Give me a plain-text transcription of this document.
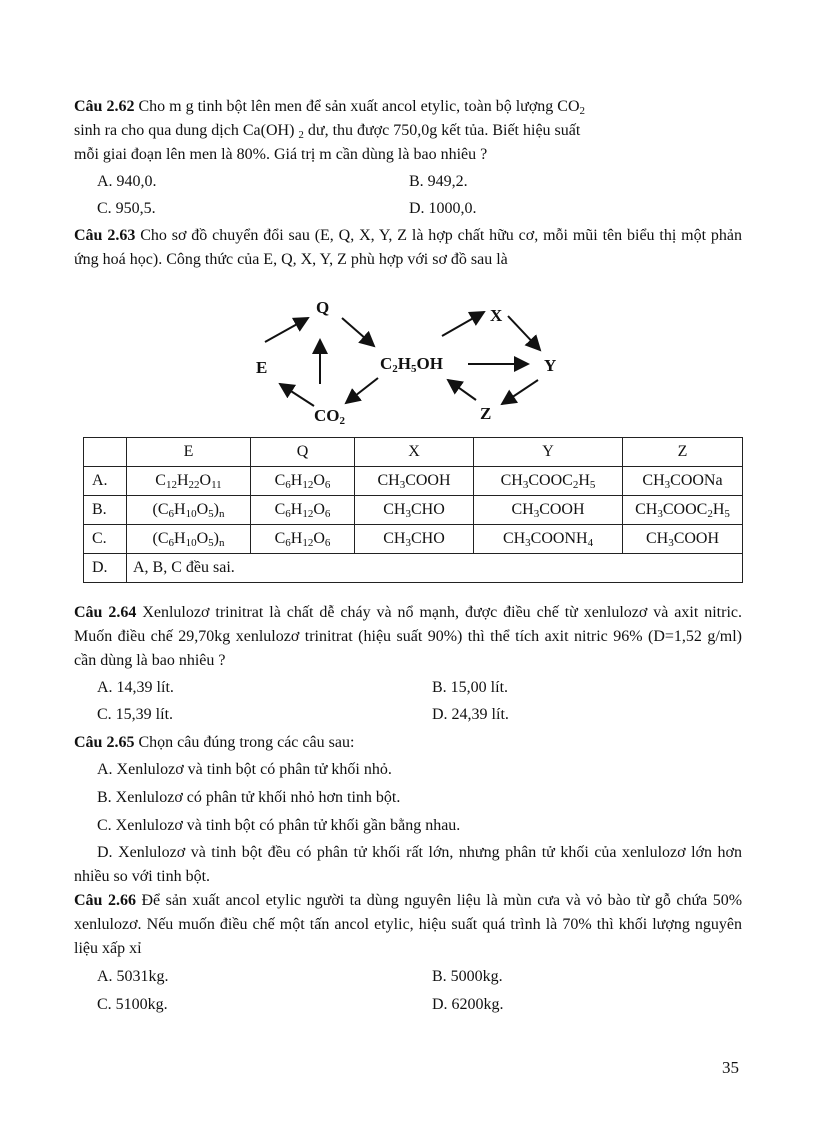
Câu 2.62 Cho m g tinh bột lên men để sản xuất ancol etylic, toàn bộ lượng $CO_2$
sinh ra cho qua dung dịch Ca(OH) $_2$ dư, thu được 750,0g kết tủa. Biết hiệu suất
mỗi giai đoạn lên men là 80%. Giá trị m cần dùng là bao nhiêu ?
A. 940,0.	B. 949,2.
C. 950,5.	D. 1000,0.
Câu 2.63 Cho sơ đồ chuyển đổi sau (E, Q, X, Y, Z là hợp chất hữu cơ, mỗi mũi tên biểu thị một phản ứng hoá học). Công thức của E, Q, X, Y, Z phù hợp với sơ đồ sau là
Q
E
$CO_2$
$C_2H_5OH$
X
Y
Z
	E	Q	X	Y	Z
A.	$C_{12}H_{22}O_{11}$	$C_6H_{12}O_6$	$CH_3COOH$	$CH_3COOC_2H_5$	$CH_3COONa$
B.	$(C_6H_{10}O_5)_n$	$C_6H_{12}O_6$	$CH_3CHO$	$CH_3COOH$	$CH_3COOC_2H_5$
C.	$(C_6H_{10}O_5)_n$	$C_6H_{12}O_6$	$CH_3CHO$	$CH_3COONH_4$	$CH_3COOH$
D.	A, B, C đều sai.				
Câu 2.64 Xenlulozơ trinitrat là chất dễ cháy và nổ mạnh, được điều chế từ xenlulozơ và axit nitric. Muốn điều chế 29,70kg xenlulozơ trinitrat (hiệu suất 90%) thì thể tích axit nitric 96% (D=1,52 g/ml) cần dùng là bao nhiêu ?
A. 14,39 lít.	B. 15,00 lít.
C. 15,39 lít.	D. 24,39 lít.
Câu 2.65 Chọn câu đúng trong các câu sau:
A. Xenlulozơ và tinh bột có phân tử khối nhỏ.
B. Xenlulozơ có phân tử khối nhỏ hơn tinh bột.
C. Xenlulozơ và tinh bột có phân tử khối gần bằng nhau.
D. Xenlulozơ và tinh bột đều có phân tử khối rất lớn, nhưng phân tử khối của xenlulozơ lớn hơn nhiều so với tinh bột.
Câu 2.66 Để sản xuất ancol etylic người ta dùng nguyên liệu là mùn cưa và vỏ bào từ gỗ chứa 50% xenlulozơ. Nếu muốn điều chế một tấn ancol etylic, hiệu suất quá trình là 70% thì khối lượng nguyên liệu xấp xỉ
A. 5031kg.	B. 5000kg.
C. 5100kg.	D. 6200kg.
35
